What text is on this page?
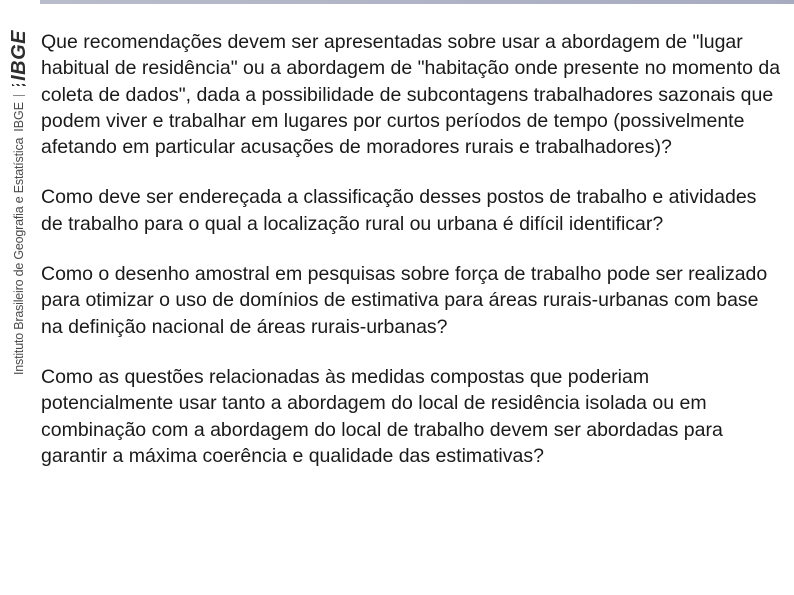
Instituto Brasileiro de Geografia e Estatística
IBGE
IBGE Que recomendações devem ser apresentadas sobre usar a abordagem de "lugar habitual de residência" ou a abordagem de "habitação onde presente no momento da coleta de dados", dada a possibilidade de subcontagens trabalhadores sazonais que podem viver e trabalhar em lugares por curtos períodos de tempo (possivelmente afetando em particular acusações de moradores rurais e trabalhadores)?

Como deve ser endereçada a classificação desses postos de trabalho e atividades de trabalho para o qual a localização rural ou urbana é difícil identificar?

Como o desenho amostral em pesquisas sobre força de trabalho pode ser realizado para otimizar o uso de domínios de estimativa para áreas rurais-urbanas com base na definição nacional de áreas rurais-urbanas?

Como as questões relacionadas às medidas compostas que poderiam potencialmente usar tanto a abordagem do local de residência isolada ou em combinação com a abordagem do local de trabalho devem ser abordadas para garantir a máxima coerência e qualidade das estimativas?
